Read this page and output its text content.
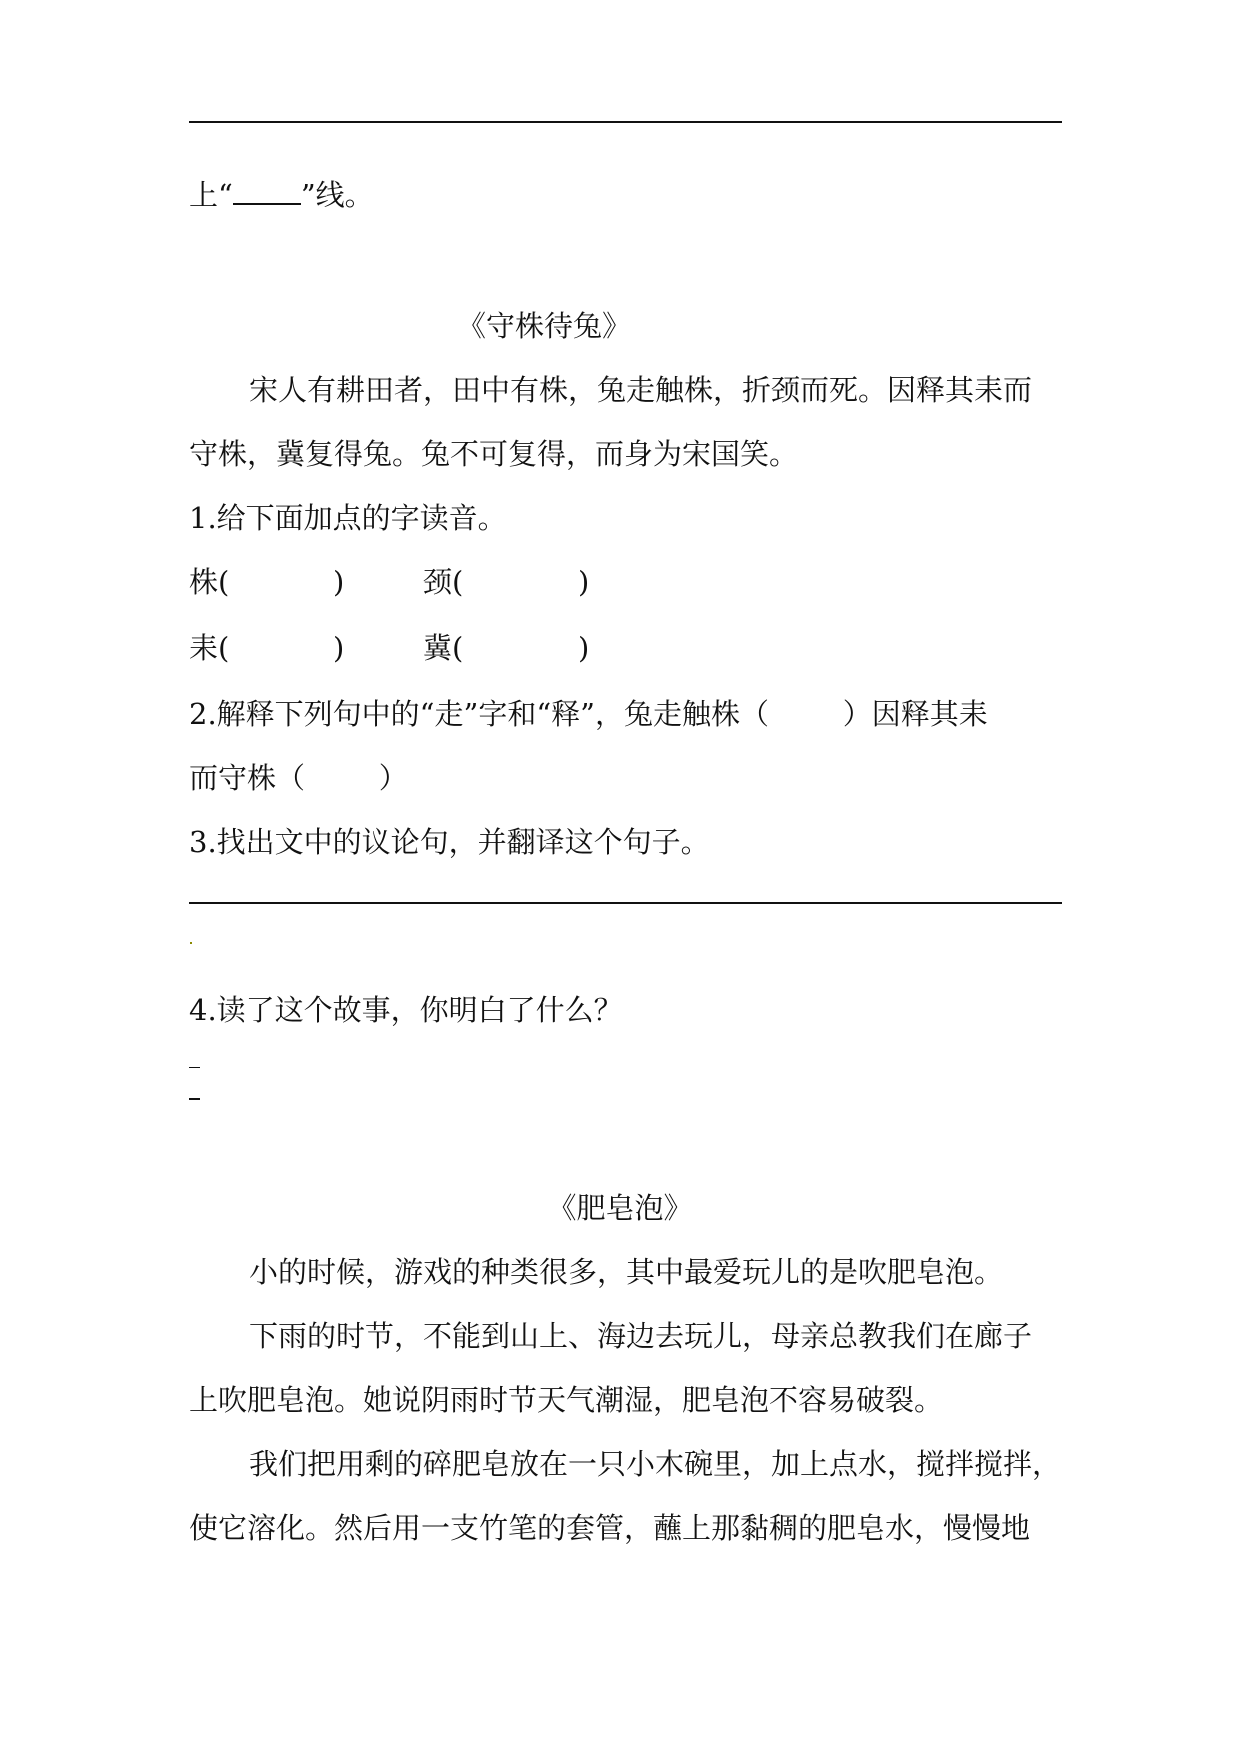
上“ ”线。
《守株待兔》
宋人有耕田者，田中有株，兔走触株，折颈而死。因释其耒而
守株，冀复得兔。兔不可复得，而身为宋国笑。
1.给下面加点的字读音。
株(	)	颈(	)
耒(	)	冀(	)
2.解释下列句中的“走”字和“释”，兔走触株（        ）因释其耒
而守株（        ）
3.找出文中的议论句，并翻译这个句子。
4.读了这个故事，你明白了什么？
《肥皂泡》
小的时候，游戏的种类很多，其中最爱玩儿的是吹肥皂泡。
下雨的时节，不能到山上、海边去玩儿，母亲总教我们在廊子
上吹肥皂泡。她说阴雨时节天气潮湿，肥皂泡不容易破裂。
我们把用剩的碎肥皂放在一只小木碗里，加上点水，搅拌搅拌，
使它溶化。然后用一支竹笔的套管，蘸上那黏稠的肥皂水，慢慢地
